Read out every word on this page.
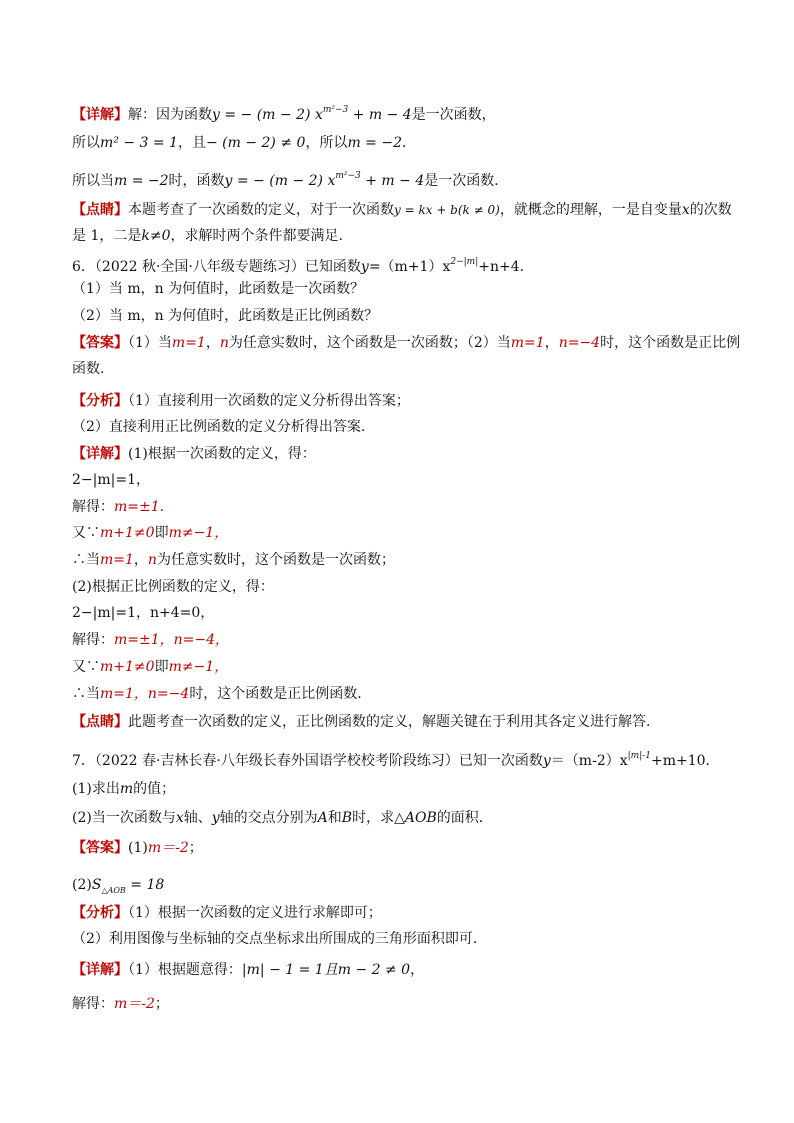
【详解】解：因为函数y = − (m − 2) $x^{m^2-3} + m - 4$是一次函数，
所以m² − 3 = 1，且− (m − 2) ≠ 0，所以m = −2．
所以当m = −2时，函数y = − (m − 2) $x^{m^2-3} + m - 4$是一次函数．
【点睛】本题考查了一次函数的定义，对于一次函数y = kx + b(k ≠ 0)，就概念的理解，一是自变量x的次数
是 1，二是k≠0，求解时两个条件都要满足.
6．（2022 秋·全国·八年级专题练习）已知函数$y=(m+1)x^{2-|m|}+n+4$．
（1）当 m，n 为何值时，此函数是一次函数？
（2）当 m，n 为何值时，此函数是正比例函数？
【答案】（1）当m=1，n为任意实数时，这个函数是一次函数；（2）当m=1，n=−4时，这个函数是正比例
函数.
【分析】（1）直接利用一次函数的定义分析得出答案；
（2）直接利用正比例函数的定义分析得出答案.
【详解】(1)根据一次函数的定义，得：
2−|m|=1，
解得：m=±1.
又∵m+1≠0即m≠−1，
∴当m=1，n为任意实数时，这个函数是一次函数；
(2)根据正比例函数的定义，得：
2−|m|=1，n+4=0，
解得：m=±1，n=−4，
又∵m+1≠0即m≠−1，
∴当m=1，n=−4时，这个函数是正比例函数.
【点睛】此题考查一次函数的定义，正比例函数的定义，解题关键在于利用其各定义进行解答.
7．（2022 春·吉林长春·八年级长春外国语学校校考阶段练习）已知一次函数$y=(m-2)x^{|m|-1}+m+10$．
(1)求出m的值；
(2)当一次函数与x轴、y轴的交点分别为A和B时，求△AOB的面积．
【答案】(1)m＝-2；
$(2)S_{\triangle AOB} = 18$
【分析】（1）根据一次函数的定义进行求解即可；
（2）利用图像与坐标轴的交点坐标求出所围成的三角形面积即可．
【详解】（1）根据题意得：|m| − 1 = 1且m − 2 ≠ 0，
解得：m＝-2；
